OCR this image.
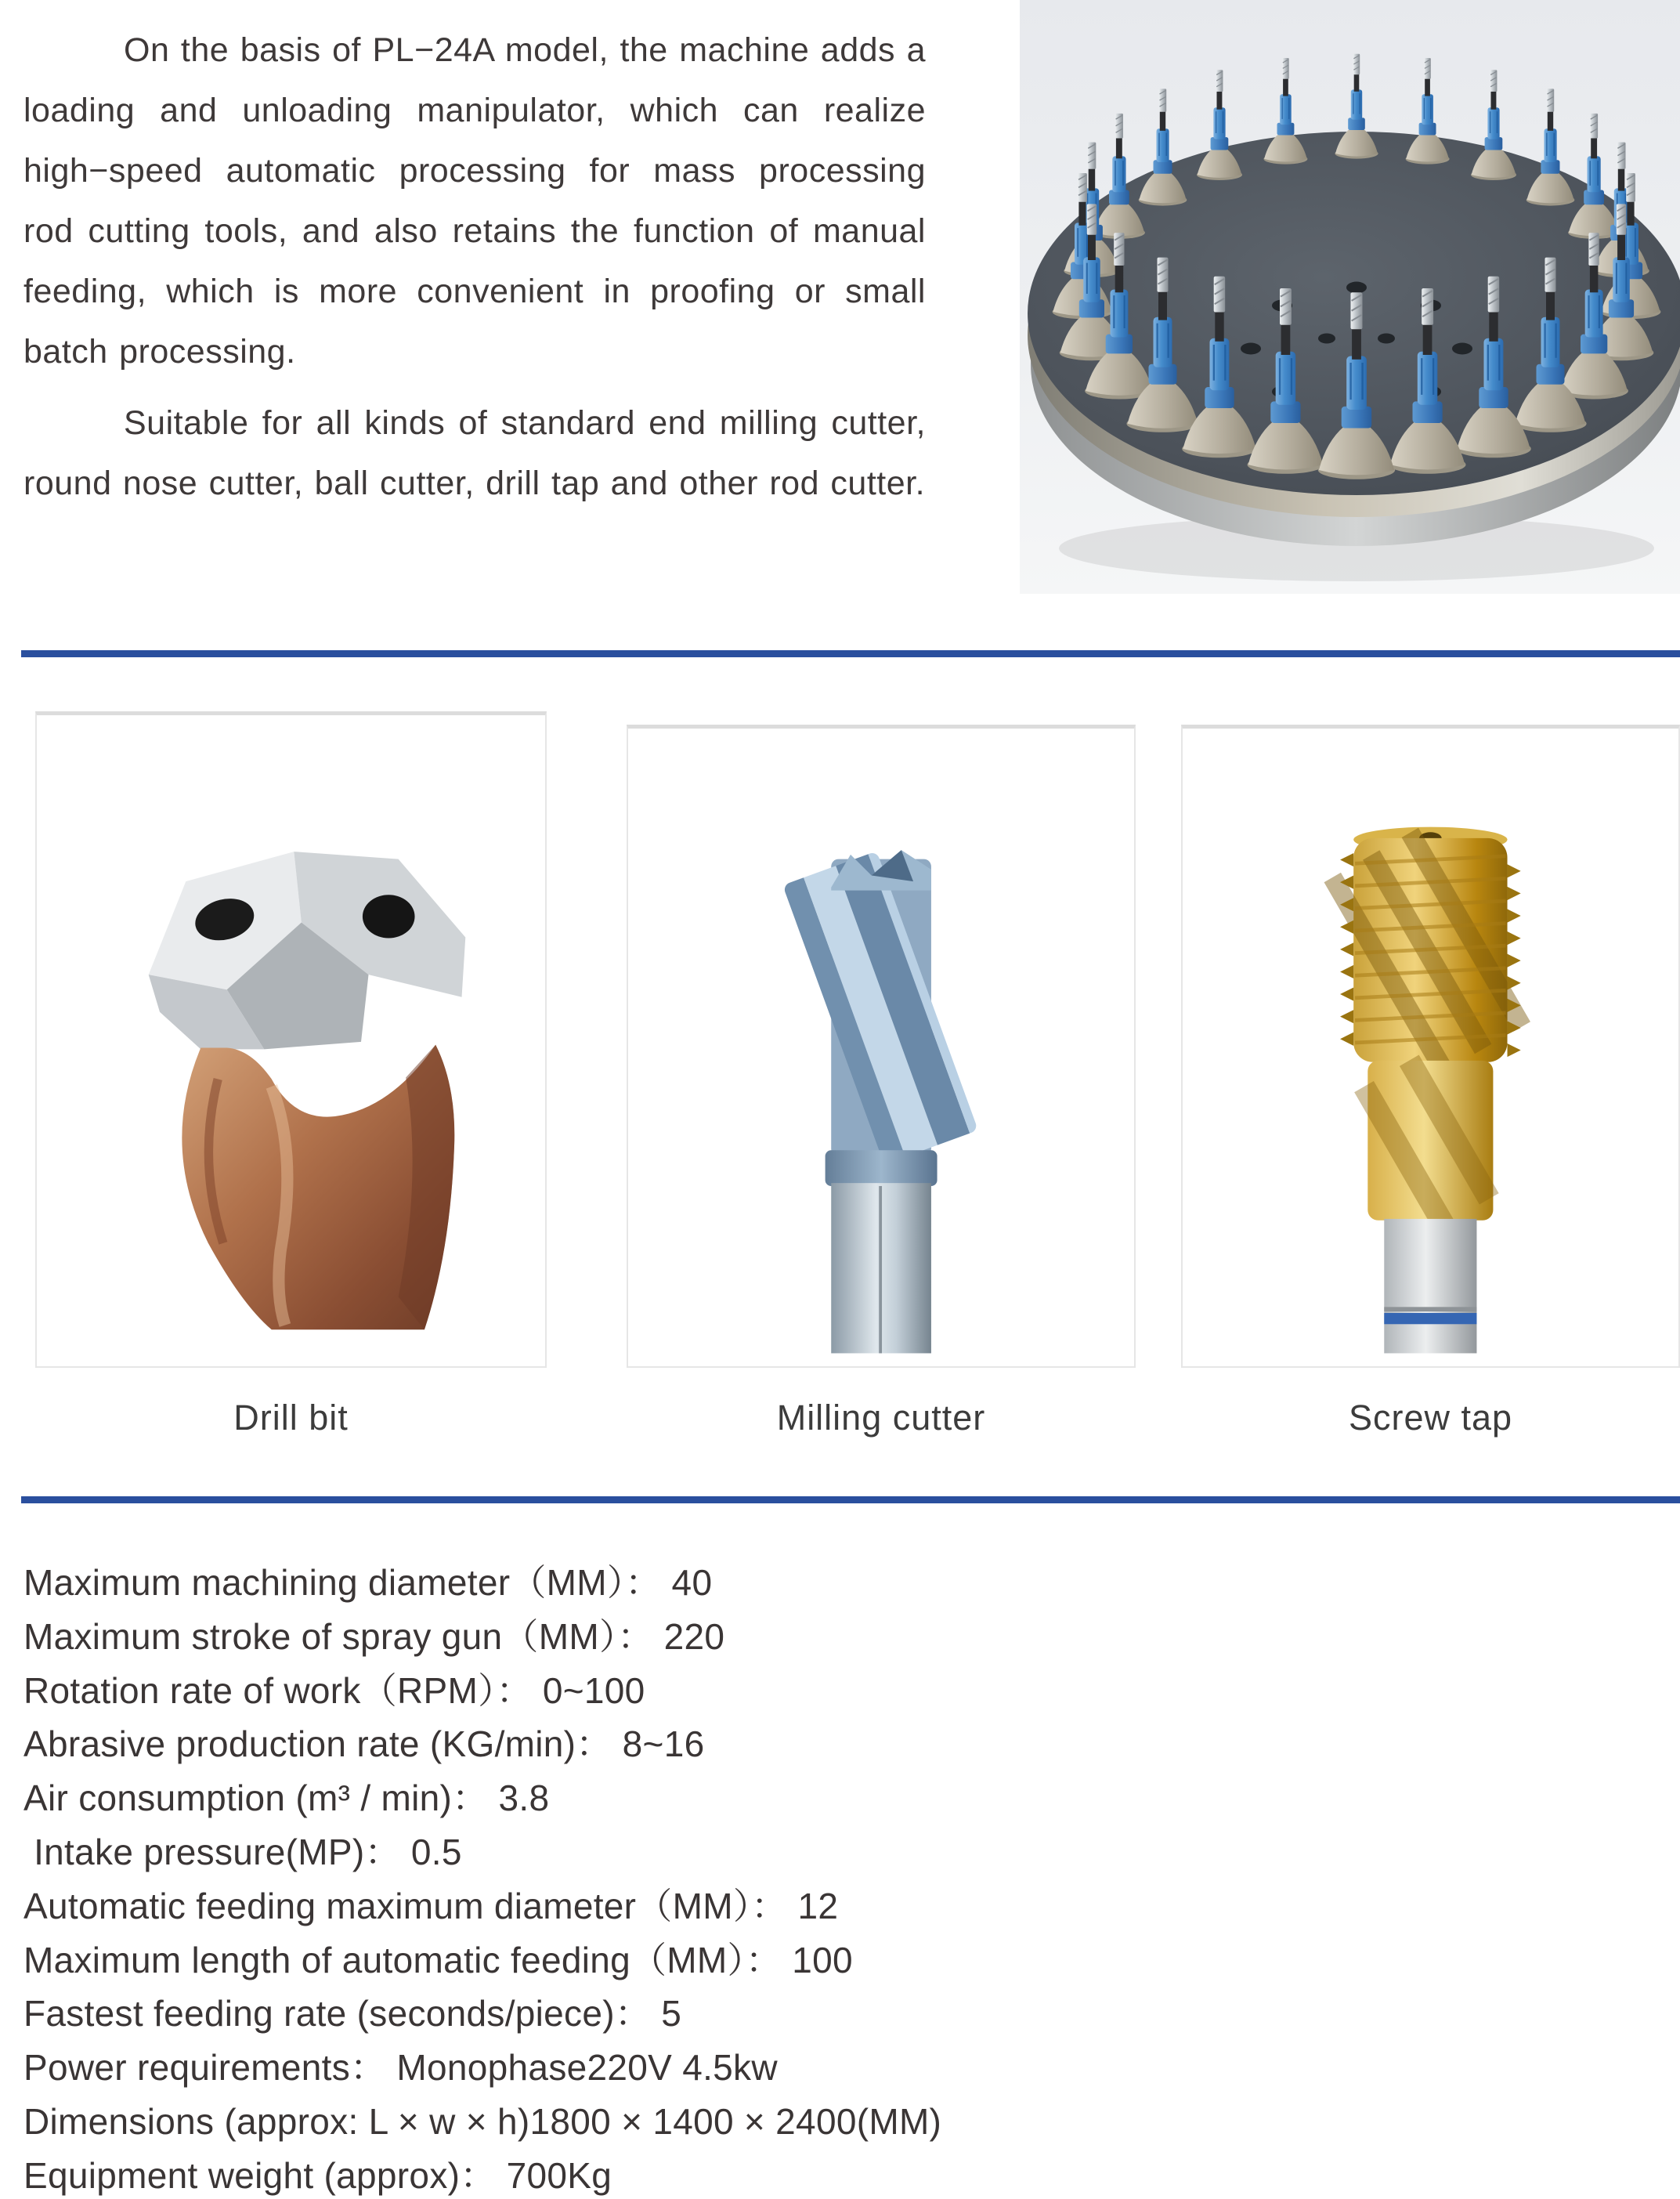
On the basis of PL−24A model, the machine adds a loading and unloading manipulator, which can realize high−speed automatic processing for mass processing rod cutting tools, and also retains the function of manual feeding, which is more convenient in proofing or small batch processing.

Suitable for all kinds of standard end milling cutter, round nose cutter, ball cutter, drill tap and other rod cutter.

Drill bit	Milling cutter	Screw tap
Maximum machining diameter（MM）： 40
Maximum stroke of spray gun（MM）： 220
Rotation rate of work（RPM）： 0~100
Abrasive production rate (KG/min)： 8~16
Air consumption (m³ / min)： 3.8
Intake pressure(MP)： 0.5
Automatic feeding maximum diameter（MM）： 12
Maximum length of automatic feeding（MM）： 100
Fastest feeding rate (seconds/piece)： 5
Power requirements： Monophase220V 4.5kw
Dimensions (approx: L × w × h)1800 × 1400 × 2400(MM)
Equipment weight (approx)： 700Kg
